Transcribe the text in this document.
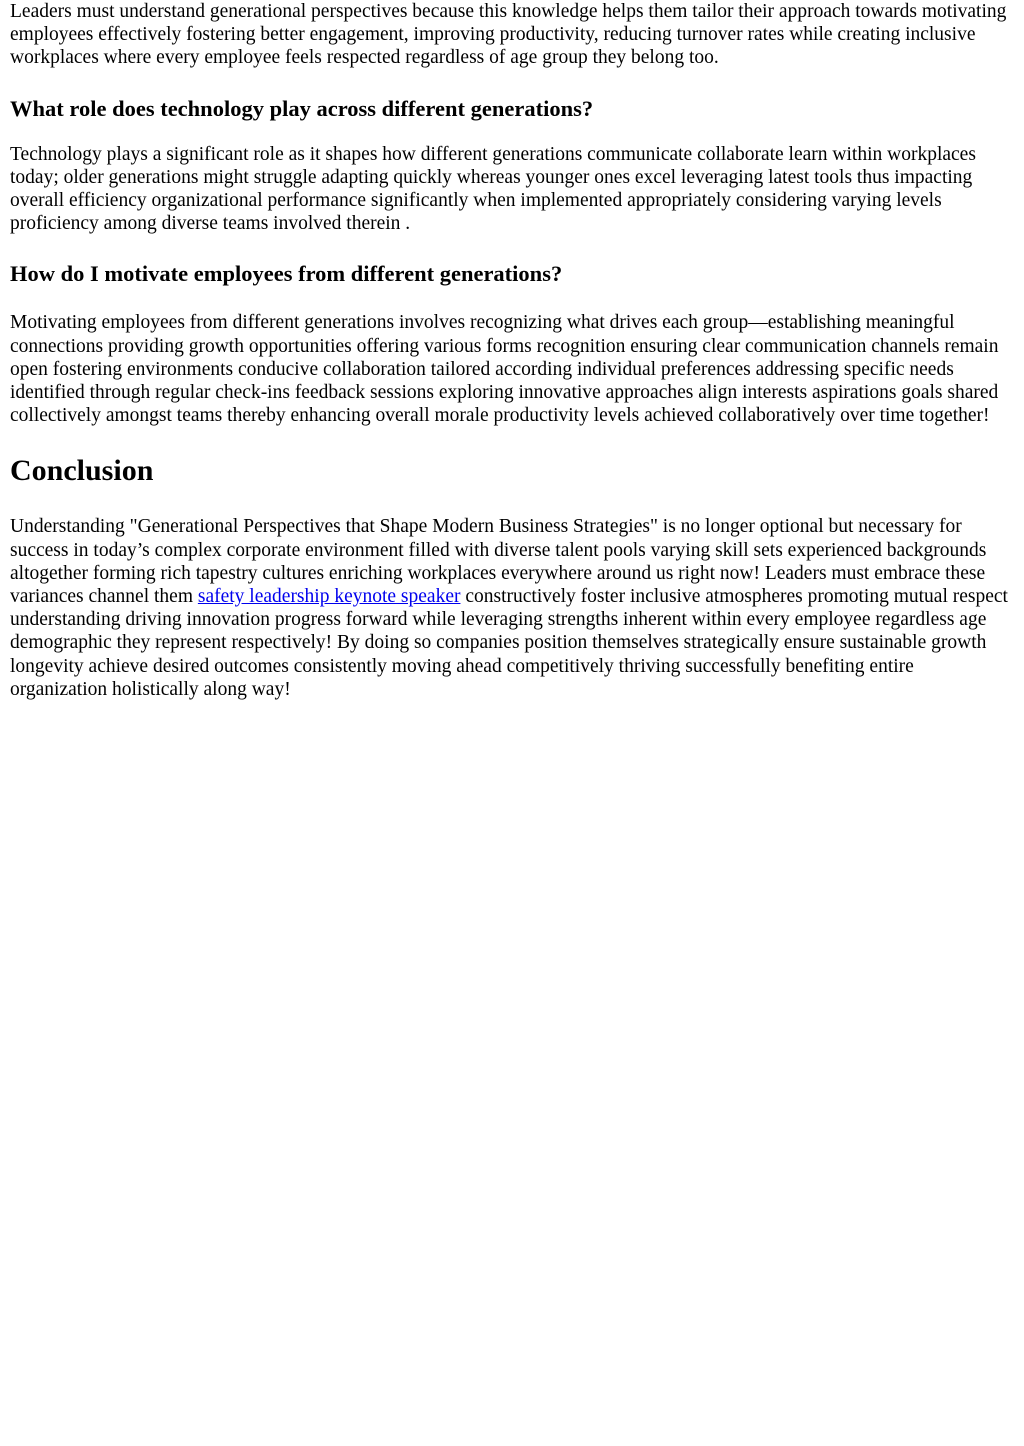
Leaders must understand generational perspectives because this knowledge helps them tailor their approach towards motivating employees effectively fostering better engagement, improving productivity, reducing turnover rates while creating inclusive workplaces where every employee feels respected regardless of age group they belong too.

What role does technology play across different generations?

Technology plays a significant role as it shapes how different generations communicate collaborate learn within workplaces today; older generations might struggle adapting quickly whereas younger ones excel leveraging latest tools thus impacting overall efficiency organizational performance significantly when implemented appropriately considering varying levels proficiency among diverse teams involved therein .

How do I motivate employees from different generations?

Motivating employees from different generations involves recognizing what drives each group—establishing meaningful connections providing growth opportunities offering various forms recognition ensuring clear communication channels remain open fostering environments conducive collaboration tailored according individual preferences addressing specific needs identified through regular check-ins feedback sessions exploring innovative approaches align interests aspirations goals shared collectively amongst teams thereby enhancing overall morale productivity levels achieved collaboratively over time together!

Conclusion

Understanding "Generational Perspectives that Shape Modern Business Strategies" is no longer optional but necessary for success in today’s complex corporate environment filled with diverse talent pools varying skill sets experienced backgrounds altogether forming rich tapestry cultures enriching workplaces everywhere around us right now! Leaders must embrace these variances channel them safety leadership keynote speaker constructively foster inclusive atmospheres promoting mutual respect understanding driving innovation progress forward while leveraging strengths inherent within every employee regardless age demographic they represent respectively! By doing so companies position themselves strategically ensure sustainable growth longevity achieve desired outcomes consistently moving ahead competitively thriving successfully benefiting entire organization holistically along way!
